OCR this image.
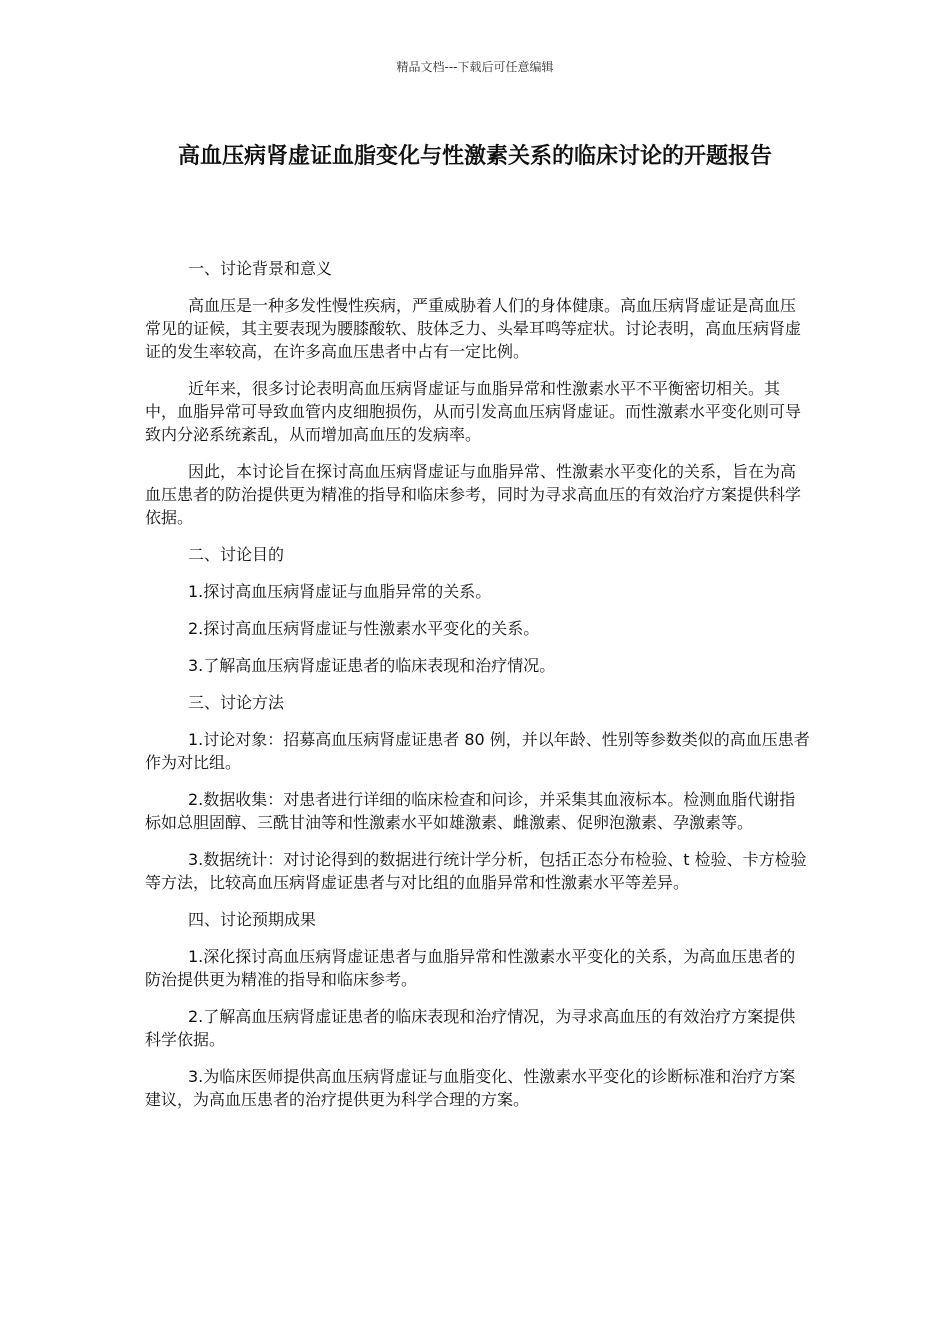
精品文档---下载后可任意编辑
高血压病肾虚证血脂变化与性激素关系的临床讨论的开题报告

一、讨论背景和意义

高血压是一种多发性慢性疾病，严重威胁着人们的身体健康。高血压病肾虚证是高血压常见的证候，其主要表现为腰膝酸软、肢体乏力、头晕耳鸣等症状。讨论表明，高血压病肾虚证的发生率较高，在许多高血压患者中占有一定比例。

近年来，很多讨论表明高血压病肾虚证与血脂异常和性激素水平不平衡密切相关。其中，血脂异常可导致血管内皮细胞损伤，从而引发高血压病肾虚证。而性激素水平变化则可导致内分泌系统紊乱，从而增加高血压的发病率。

因此，本讨论旨在探讨高血压病肾虚证与血脂异常、性激素水平变化的关系，旨在为高血压患者的防治提供更为精准的指导和临床参考，同时为寻求高血压的有效治疗方案提供科学依据。

二、讨论目的

1.探讨高血压病肾虚证与血脂异常的关系。

2.探讨高血压病肾虚证与性激素水平变化的关系。

3.了解高血压病肾虚证患者的临床表现和治疗情况。

三、讨论方法

1.讨论对象：招募高血压病肾虚证患者 80 例，并以年龄、性别等参数类似的高血压患者作为对比组。

2.数据收集：对患者进行详细的临床检查和问诊，并采集其血液标本。检测血脂代谢指标如总胆固醇、三酰甘油等和性激素水平如雄激素、雌激素、促卵泡激素、孕激素等。

3.数据统计：对讨论得到的数据进行统计学分析，包括正态分布检验、t 检验、卡方检验等方法，比较高血压病肾虚证患者与对比组的血脂异常和性激素水平等差异。

四、讨论预期成果

1.深化探讨高血压病肾虚证患者与血脂异常和性激素水平变化的关系，为高血压患者的防治提供更为精准的指导和临床参考。

2.了解高血压病肾虚证患者的临床表现和治疗情况，为寻求高血压的有效治疗方案提供科学依据。

3.为临床医师提供高血压病肾虚证与血脂变化、性激素水平变化的诊断标准和治疗方案建议，为高血压患者的治疗提供更为科学合理的方案。
